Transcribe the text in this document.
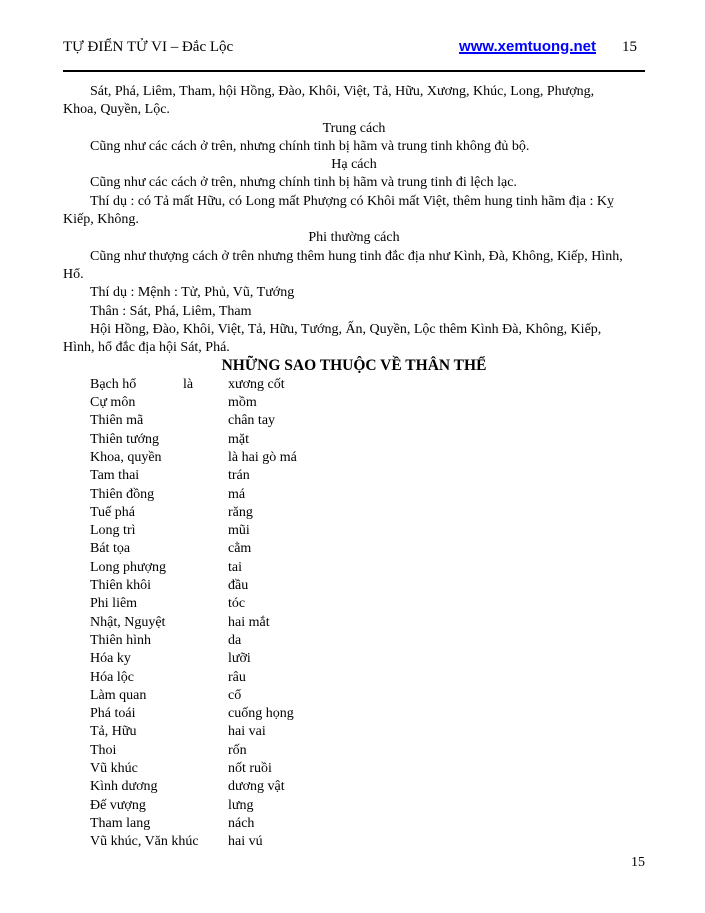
TỰ ĐIỂN TỬ VI – Đắc Lộc	www.xemtuong.net 15
Sát, Phá, Liêm, Tham, hội Hồng, Đào, Khôi, Việt, Tả, Hữu, Xương, Khúc, Long, Phượng,
Khoa, Quyền, Lộc.
Trung cách
Cũng như các cách ở trên, nhưng chính tinh bị hãm và trung tinh không đủ bộ.
Hạ cách
Cũng như các cách ở trên, nhưng chính tinh bị hãm và trung tinh đi lệch lạc.
Thí dụ : có Tả mất Hữu, có Long mất Phượng có Khôi mất Việt, thêm hung tinh hãm địa : Kỵ
Kiếp, Không.
Phi thường cách
Cũng như thượng cách ở trên nhưng thêm hung tinh đắc địa như Kình, Đà, Không, Kiếp, Hình,
Hổ.
Thí dụ : Mệnh : Tử, Phủ, Vũ, Tướng
Thân : Sát, Phá, Liêm, Tham
Hội Hồng, Đào, Khôi, Việt, Tả, Hữu, Tướng, Ấn, Quyền, Lộc thêm Kình Đà, Không, Kiếp,
Hình, hổ đắc địa hội Sát, Phá.
NHỮNG SAO THUỘC VỀ THÂN THỂ
Bạch hổ	là	xương cốt
Cự môn	mồm
Thiên mã	chân tay
Thiên tướng	mặt
Khoa, quyền	là hai gò má
Tam thai	trán
Thiên đồng	má
Tuế phá	răng
Long trì	mũi
Bát tọa	cằm
Long phượng	tai
Thiên khôi	đầu
Phi liêm	tóc
Nhật, Nguyệt	hai mắt
Thiên hình	da
Hóa ky	lưỡi
Hóa lộc	râu
Làm quan	cổ
Phá toái	cuống họng
Tả, Hữu	hai vai
Thoi	rốn
Vũ khúc	nốt ruồi
Kình dương	dương vật
Đế vượng	lưng
Tham lang	nách
Vũ khúc, Văn khúc hai vú
15
